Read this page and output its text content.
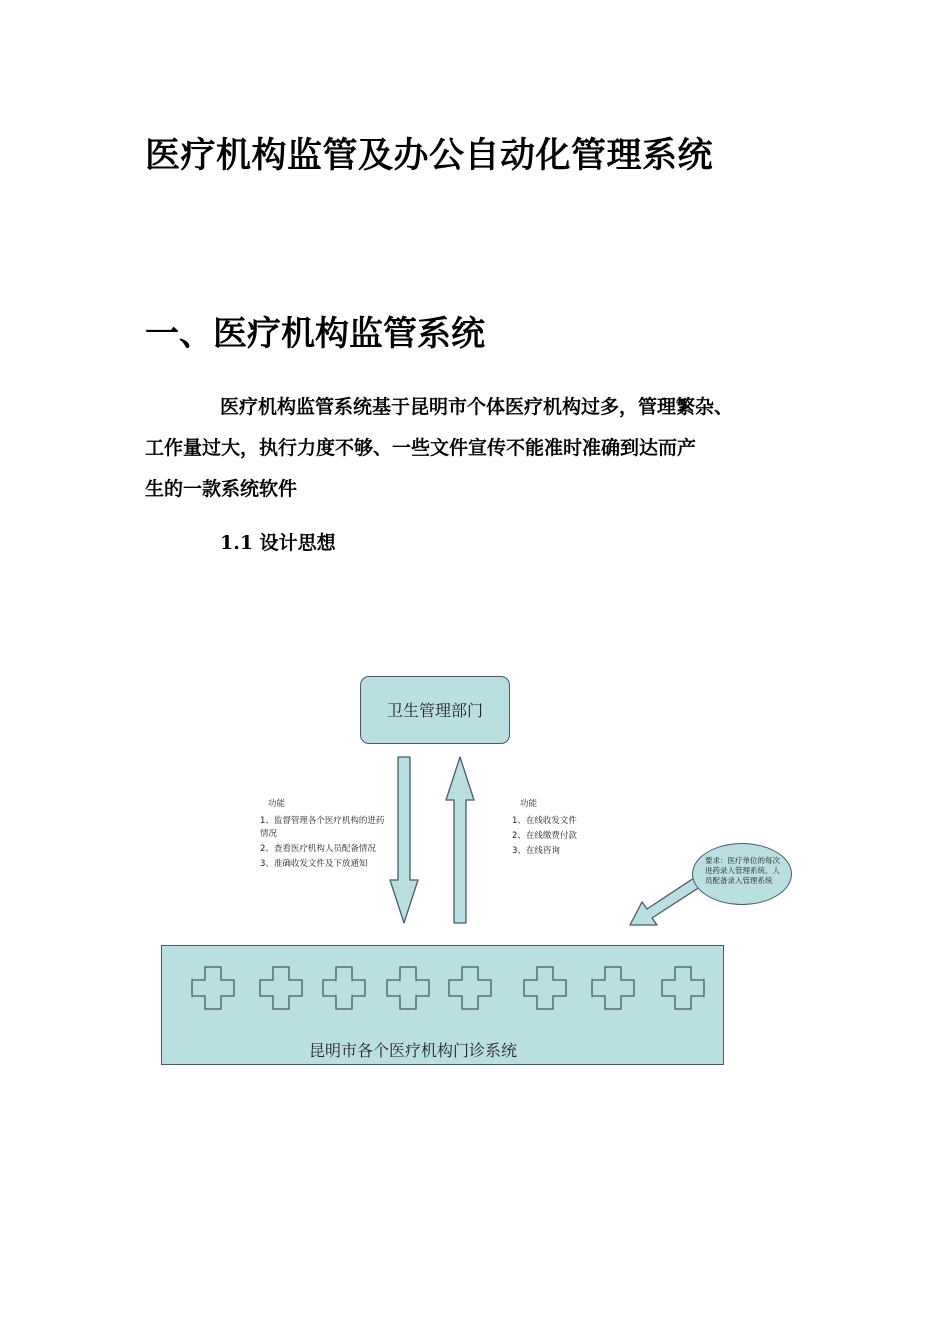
医疗机构监管及办公自动化管理系统
一、医疗机构监管系统
医疗机构监管系统基于昆明市个体医疗机构过多，管理繁杂、
工作量过大，执行力度不够、一些文件宣传不能准时准确到达而产
生的一款系统软件
1.1 设计思想
卫生管理部门
功能
1、监督管理各个医疗机构的进药情况
2、查看医疗机构人员配备情况
3、准确收发文件及下放通知
功能
1、在线收发文件
2、在线缴费付款
3、在线咨询
要求：医疗单位的每次进药录入管理系统、人员配备录入管理系统
昆明市各个医疗机构门诊系统
